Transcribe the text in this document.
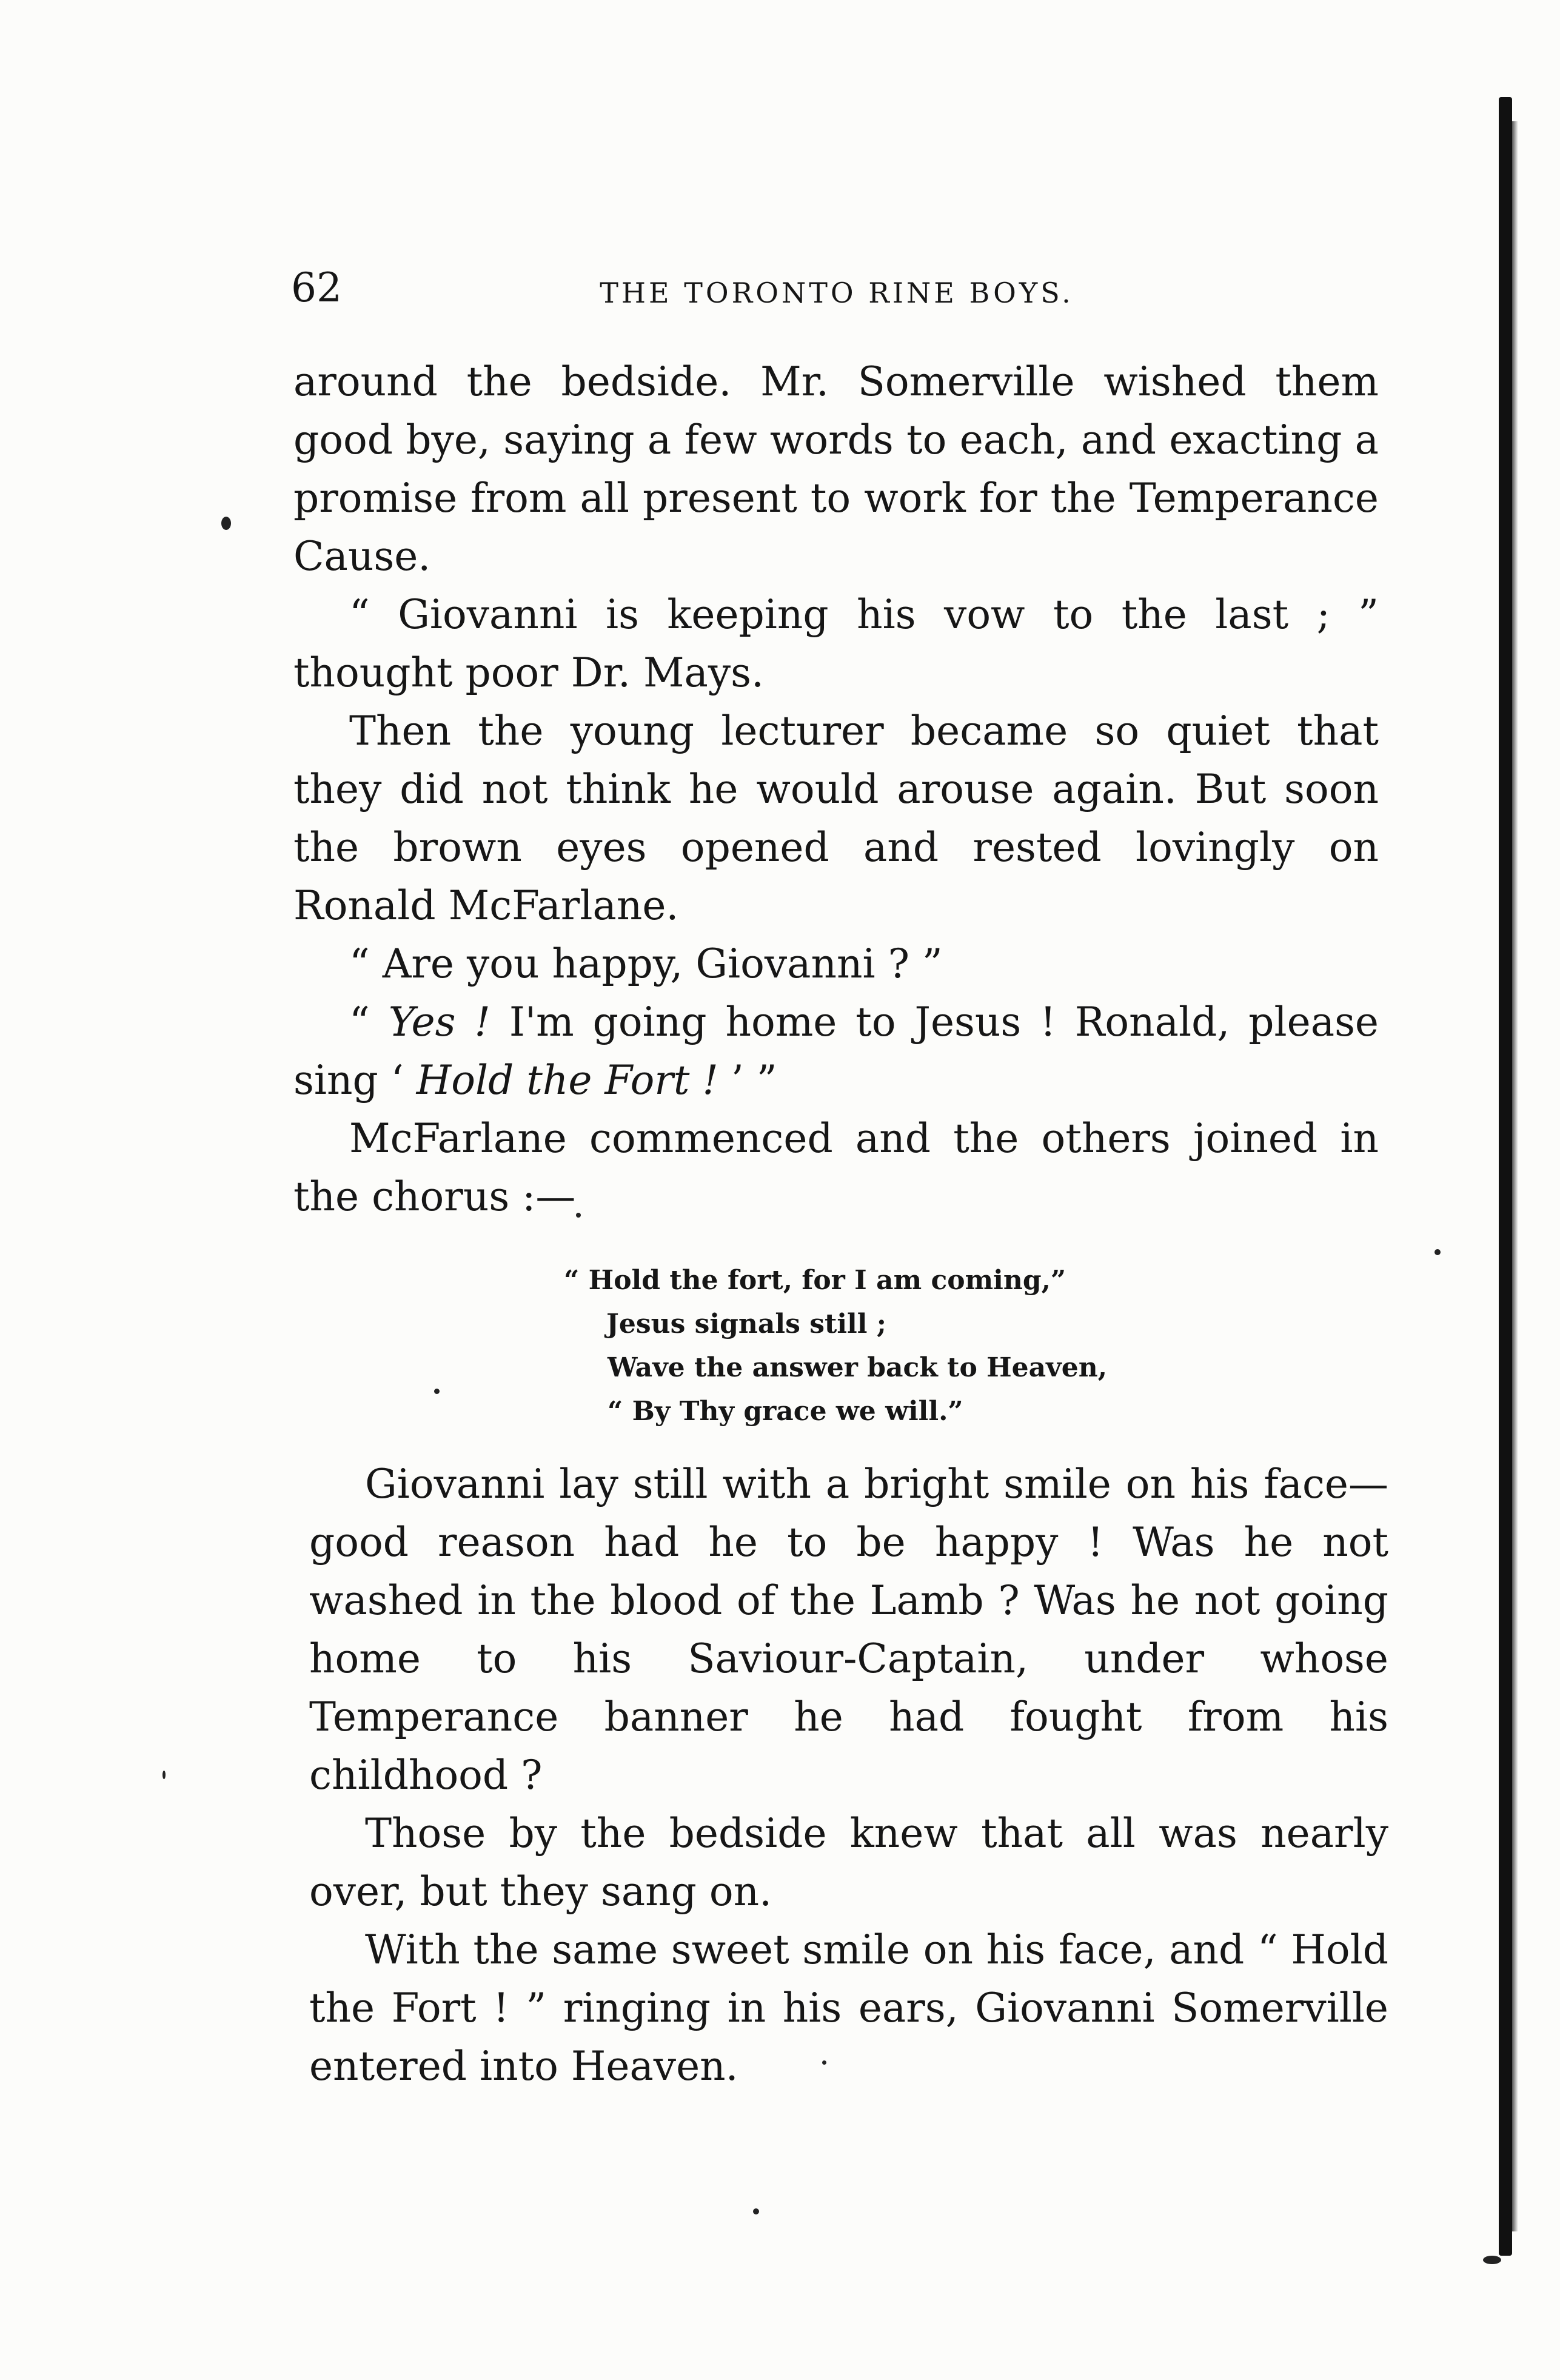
62	THE TORONTO RINE BOYS.

around the bedside. Mr. Somerville wished them good bye, saying a few words to each, and exacting a promise from all present to work for the Temperance Cause.

“ Giovanni is keeping his vow to the last ; ” thought poor Dr. Mays.

Then the young lecturer became so quiet that they did not think he would arouse again. But soon the brown eyes opened and rested lovingly on Ronald McFarlane.

“ Are you happy, Giovanni ? ”

“ Yes ! I'm going home to Jesus ! Ronald, please sing ‘ Hold the Fort ! ’ ”

McFarlane commenced and the others joined in the chorus :—

“ Hold the fort, for I am coming,”
Jesus signals still ;
Wave the answer back to Heaven,
“ By Thy grace we will.”

Giovanni lay still with a bright smile on his face—good reason had he to be happy ! Was he not washed in the blood of the Lamb ? Was he not going home to his Saviour-Captain, under whose Temperance banner he had fought from his childhood ?

Those by the bedside knew that all was nearly over, but they sang on.

With the same sweet smile on his face, and “ Hold the Fort ! ” ringing in his ears, Giovanni Somerville entered into Heaven.
